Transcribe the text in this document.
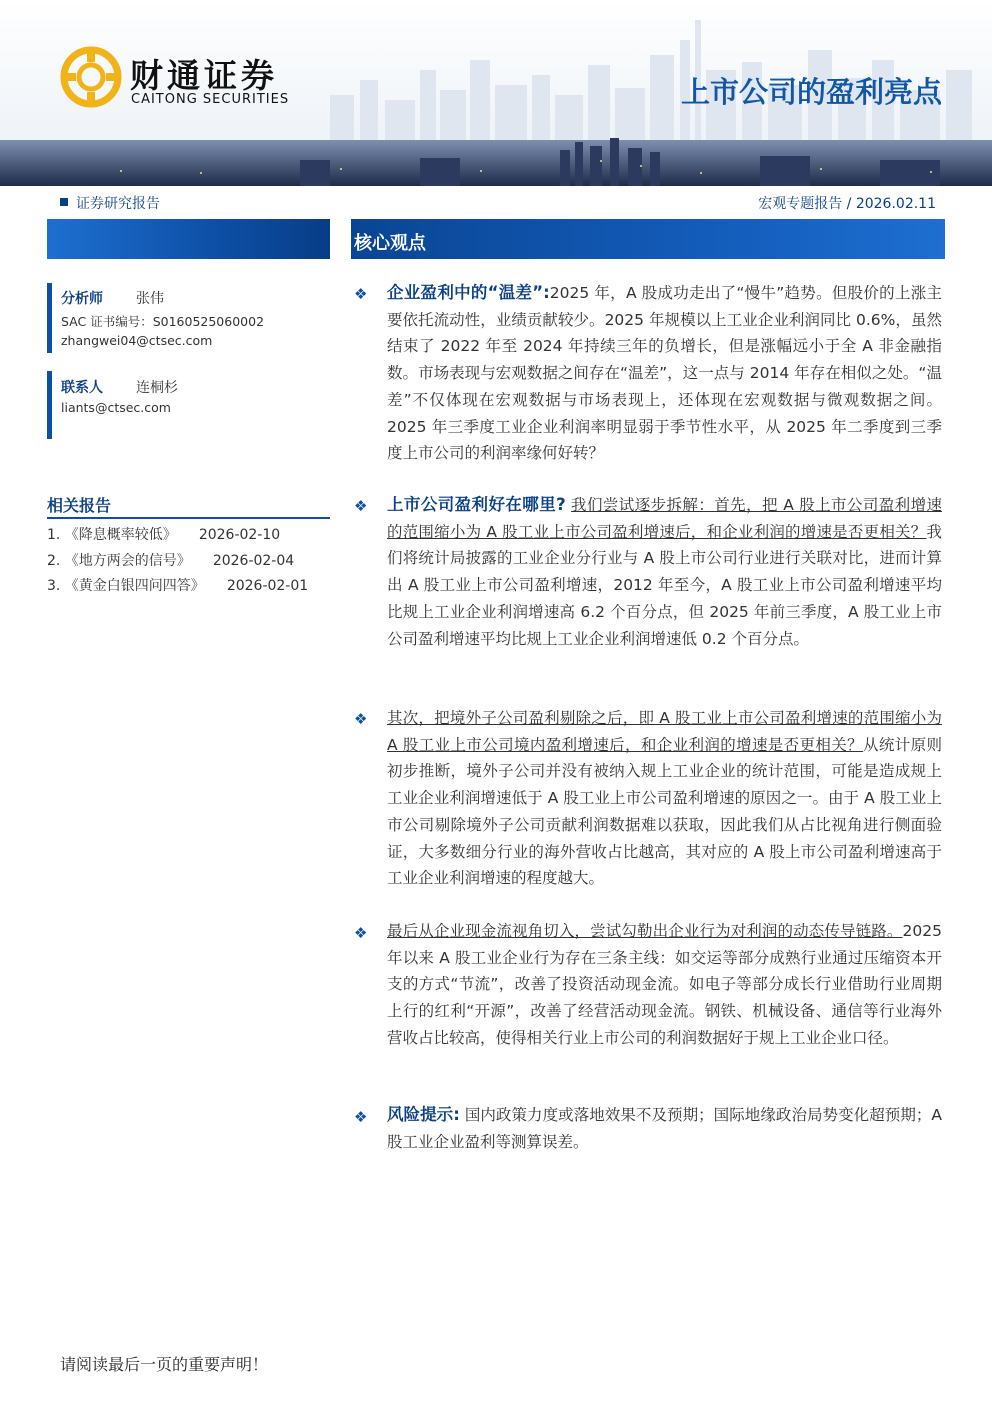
财通证券
CAITONG SECURITIES	上市公司的盈利亮点
证券研究报告	宏观专题报告 / 2026.02.11
核心观点
分析师 张伟
SAC 证书编号：S0160525060002
zhangwei04@ctsec.com
联系人 连桐杉
liants@ctsec.com
相关报告
1. 《降息概率较低》 2026-02-10
2. 《地方两会的信号》 2026-02-04
3. 《黄金白银四问四答》 2026-02-01
❖ 企业盈利中的“温差”:2025 年，A 股成功走出了“慢牛”趋势。但股价的上涨主要依托流动性，业绩贡献较少。2025 年规模以上工业企业利润同比 0.6%，虽然结束了 2022 年至 2024 年持续三年的负增长，但是涨幅远小于全 A 非金融指数。市场表现与宏观数据之间存在“温差”，这一点与 2014 年存在相似之处。“温差”不仅体现在宏观数据与市场表现上，还体现在宏观数据与微观数据之间。2025 年三季度工业企业利润率明显弱于季节性水平，从 2025 年二季度到三季度上市公司的利润率缘何好转？
❖ 上市公司盈利好在哪里? 我们尝试逐步拆解：首先，把 A 股上市公司盈利增速的范围缩小为 A 股工业上市公司盈利增速后，和企业利润的增速是否更相关？我们将统计局披露的工业企业分行业与 A 股上市公司行业进行关联对比，进而计算出 A 股工业上市公司盈利增速，2012 年至今，A 股工业上市公司盈利增速平均比规上工业企业利润增速高 6.2 个百分点，但 2025 年前三季度，A 股工业上市公司盈利增速平均比规上工业企业利润增速低 0.2 个百分点。
❖ 其次，把境外子公司盈利剔除之后，即 A 股工业上市公司盈利增速的范围缩小为 A 股工业上市公司境内盈利增速后，和企业利润的增速是否更相关？从统计原则初步推断，境外子公司并没有被纳入规上工业企业的统计范围，可能是造成规上工业企业利润增速低于 A 股工业上市公司盈利增速的原因之一。由于 A 股工业上市公司剔除境外子公司贡献利润数据难以获取，因此我们从占比视角进行侧面验证，大多数细分行业的海外营收占比越高，其对应的 A 股上市公司盈利增速高于工业企业利润增速的程度越大。
❖ 最后从企业现金流视角切入，尝试勾勒出企业行为对利润的动态传导链路。2025 年以来 A 股工业企业行为存在三条主线：如交运等部分成熟行业通过压缩资本开支的方式“节流”，改善了投资活动现金流。如电子等部分成长行业借助行业周期上行的红利“开源”，改善了经营活动现金流。钢铁、机械设备、通信等行业海外营收占比较高，使得相关行业上市公司的利润数据好于规上工业企业口径。
❖ 风险提示: 国内政策力度或落地效果不及预期；国际地缘政治局势变化超预期；A 股工业企业盈利等测算误差。
请阅读最后一页的重要声明！
